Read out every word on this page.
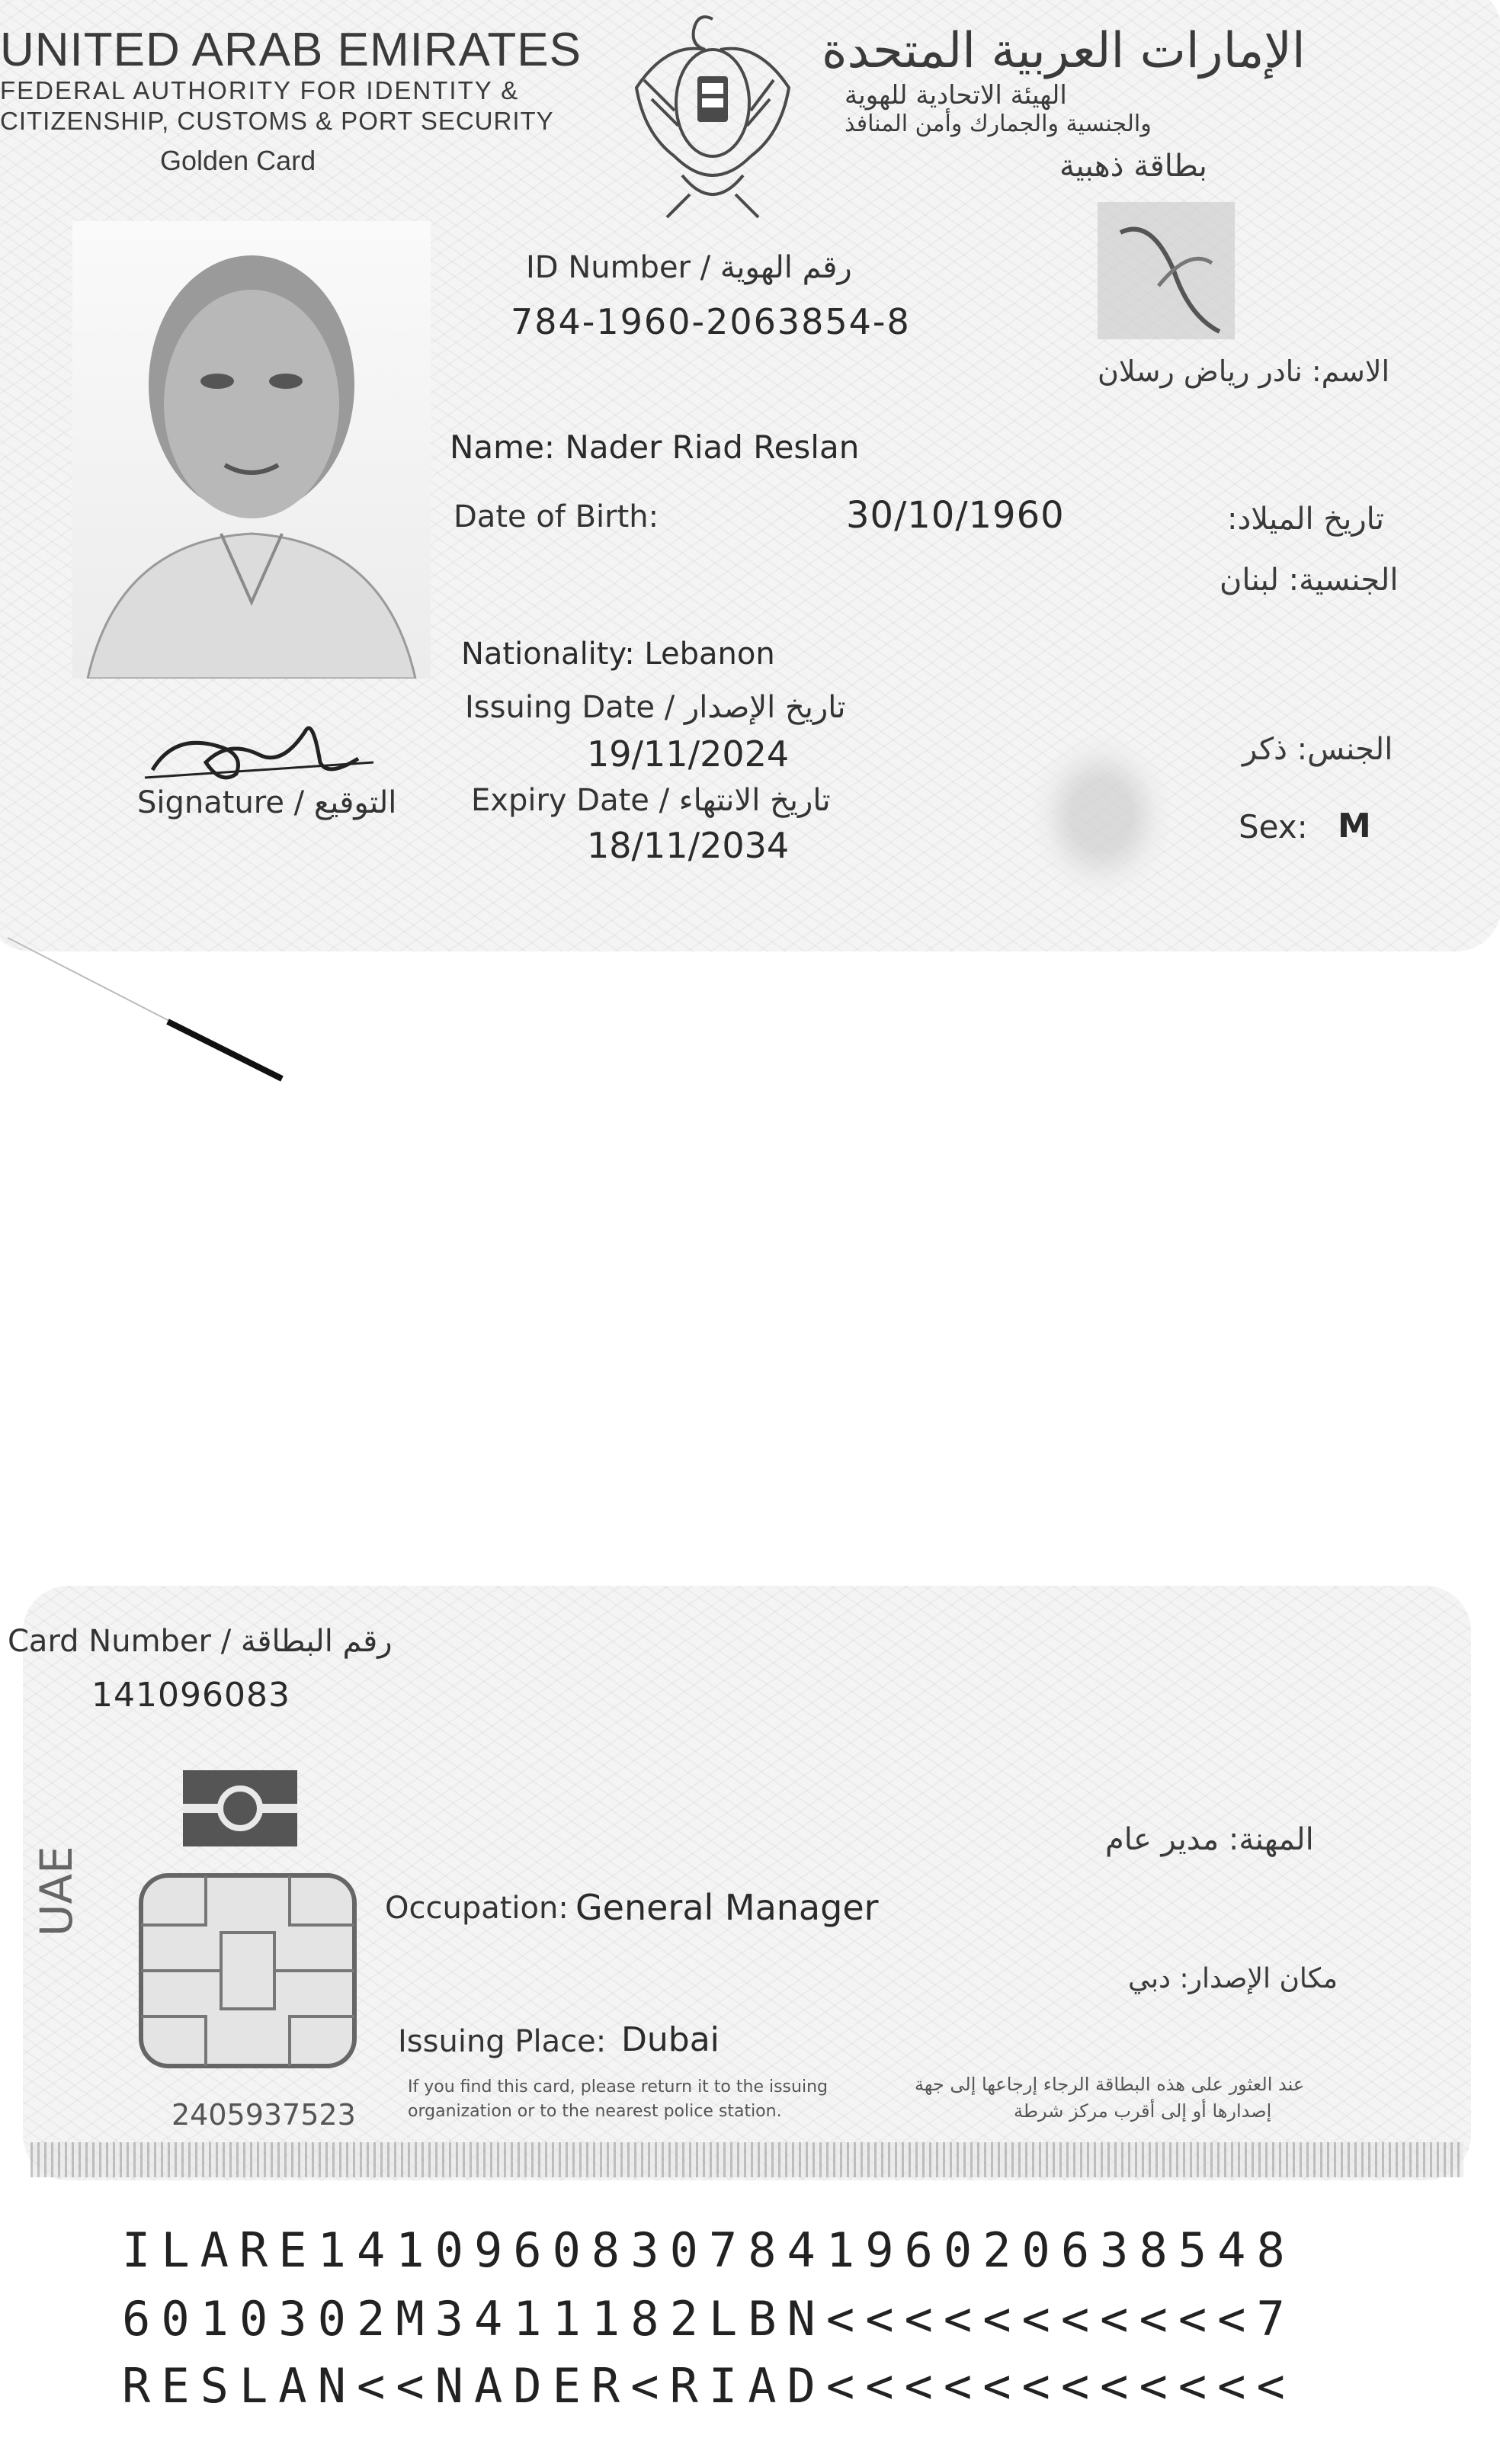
UNITED ARAB EMIRATES
FEDERAL AUTHORITY FOR IDENTITY &
CITIZENSHIP, CUSTOMS & PORT SECURITY
Golden Card
الإمارات العربية المتحدة
الهيئة الاتحادية للهوية
والجنسية والجمارك وأمن المنافذ
بطاقة ذهبية
ID Number / رقم الهوية
784-1960-2063854-8
الاسم: نادر رياض رسلان
Name: Nader Riad Reslan
Date of Birth:	30/10/1960	تاريخ الميلاد:
الجنسية: لبنان
Nationality: Lebanon
Issuing Date / تاريخ الإصدار
19/11/2024
Signature / التوقيع Expiry Date / تاريخ الانتهاء
18/11/2034
الجنس: ذكر
Sex: M
Card Number / رقم البطاقة
141096083
UAE
2405937523
المهنة: مدير عام
Occupation: General Manager
مكان الإصدار: دبي
Issuing Place: Dubai
If you find this card, please return it to the issuing
organization or to the nearest police station.
عند العثور على هذه البطاقة الرجاء إرجاعها إلى جهة
إصدارها أو إلى أقرب مركز شرطة
ILARE1410960830784196020638548
6010302M3411182LBN<<<<<<<<<<<7
RESLAN<<NADER<RIAD<<<<<<<<<<<<
